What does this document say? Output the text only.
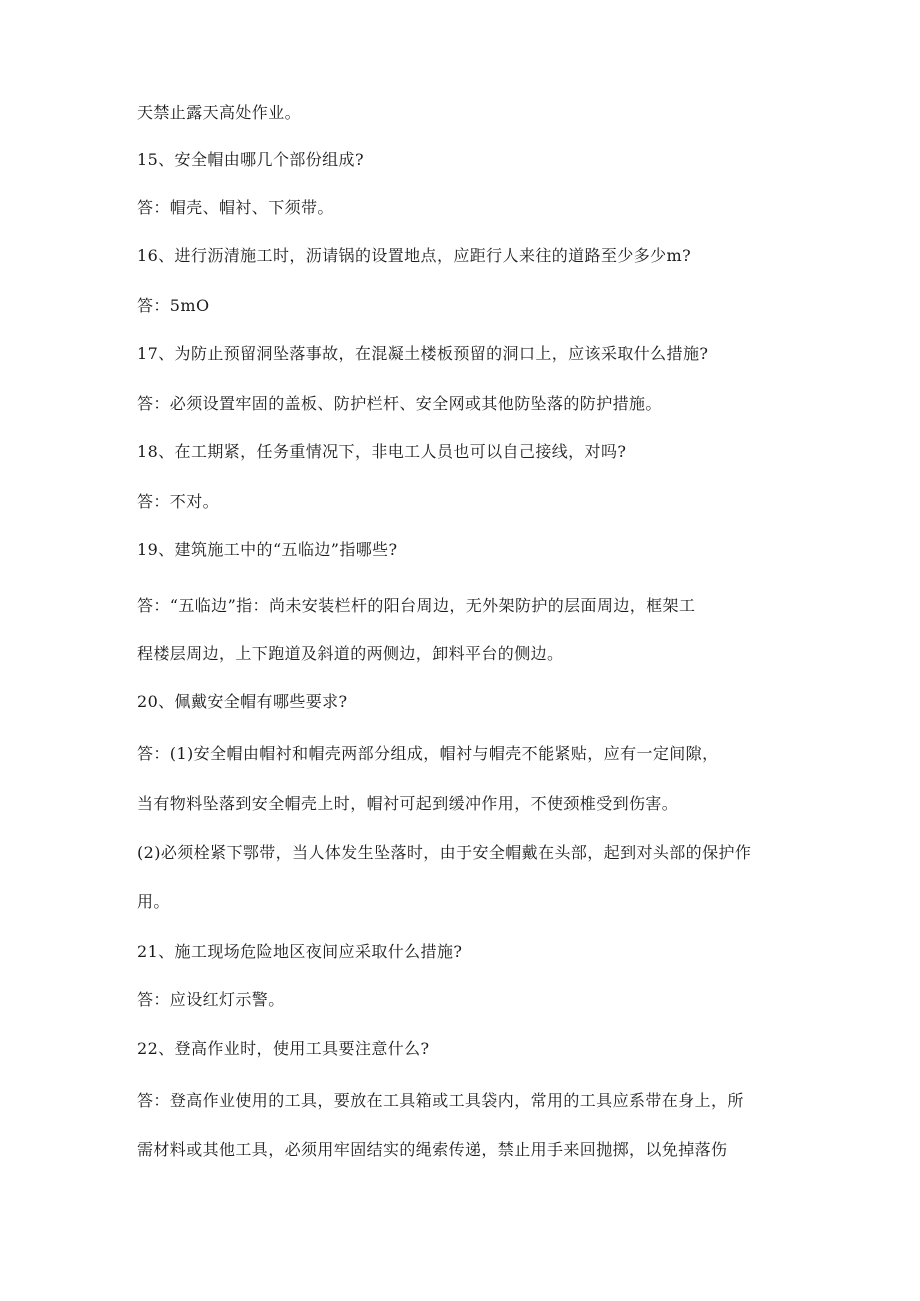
天禁止露天高处作业。
15、安全帽由哪几个部份组成?
答：帽壳、帽衬、下须带。
16、进行沥清施工时，沥请锅的设置地点，应距行人来往的道路至少多少m?
答：5mO
17、为防止预留洞坠落事故，在混凝土楼板预留的洞口上，应该采取什么措施?
答：必须设置牢固的盖板、防护栏杆、安全网或其他防坠落的防护措施。
18、在工期紧，任务重情况下，非电工人员也可以自己接线，对吗?
答：不对。
19、建筑施工中的“五临边”指哪些?
答：“五临边”指：尚未安装栏杆的阳台周边，无外架防护的层面周边，框架工
程楼层周边，上下跑道及斜道的两侧边，卸料平台的侧边。
20、佩戴安全帽有哪些要求?
答：(1)安全帽由帽衬和帽壳两部分组成，帽衬与帽壳不能紧贴，应有一定间隙，
当有物料坠落到安全帽壳上时，帽衬可起到缓冲作用，不使颈椎受到伤害。
(2)必须栓紧下鄂带，当人体发生坠落时，由于安全帽戴在头部，起到对头部的保护作
用。
21、施工现场危险地区夜间应采取什么措施?
答：应设红灯示警。
22、登高作业时，使用工具要注意什么?
答：登高作业使用的工具，要放在工具箱或工具袋内，常用的工具应系带在身上，所
需材料或其他工具，必须用牢固结实的绳索传递，禁止用手来回抛掷，以免掉落伤
